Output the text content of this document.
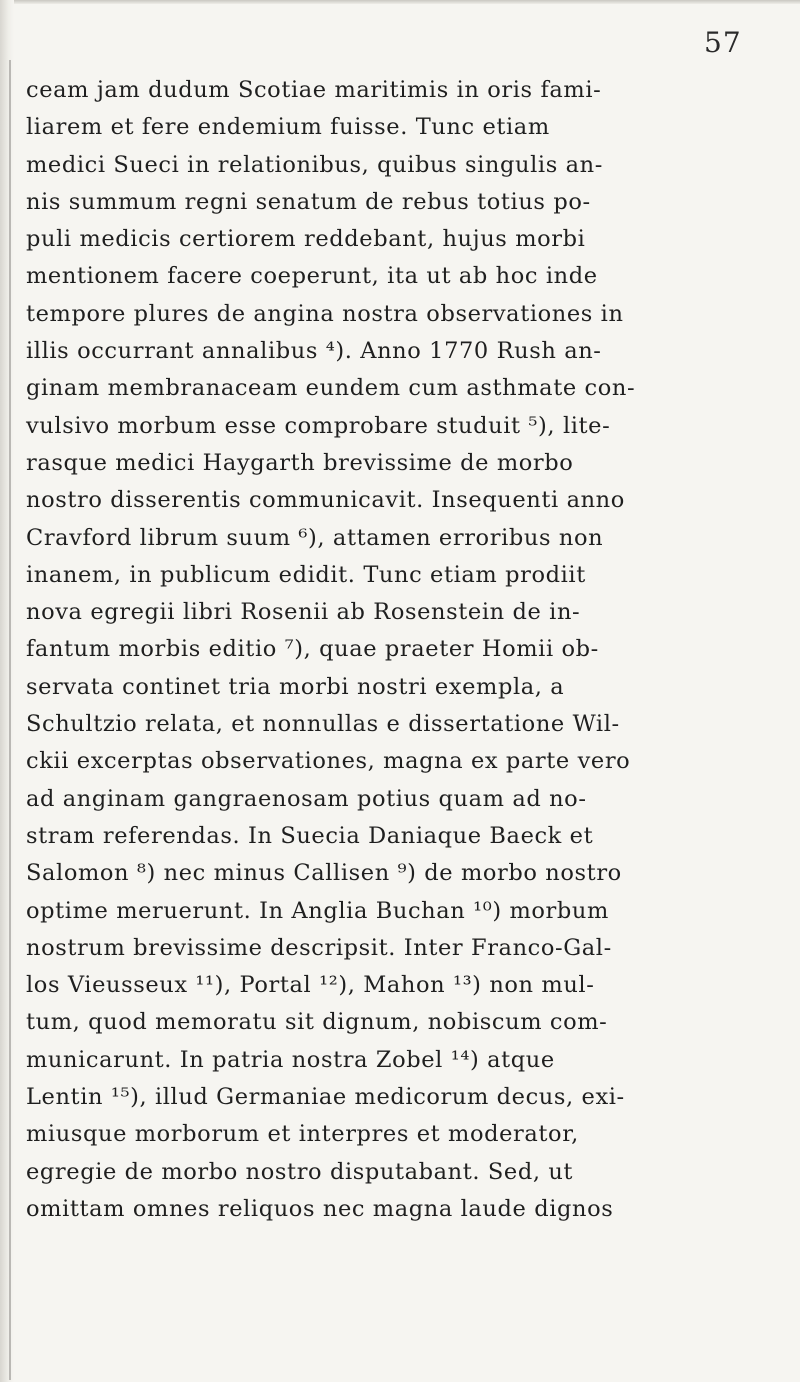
57
ceam jam dudum Scotiae maritimis in oris fami-
liarem et fere endemium fuisse. Tunc etiam
medici Sueci in relationibus, quibus singulis an-
nis summum regni senatum de rebus totius po-
puli medicis certiorem reddebant, hujus morbi
mentionem facere coeperunt, ita ut ab hoc inde
tempore plures de angina nostra observationes in
illis occurrant annalibus ⁴). Anno 1770 Rush an-
ginam membranaceam eundem cum asthmate con-
vulsivo morbum esse comprobare studuit ⁵), lite-
rasque medici Haygarth brevissime de morbo
nostro disserentis communicavit. Insequenti anno
Cravford librum suum ⁶), attamen erroribus non
inanem, in publicum edidit. Tunc etiam prodiit
nova egregii libri Rosenii ab Rosenstein de in-
fantum morbis editio ⁷), quae praeter Homii ob-
servata continet tria morbi nostri exempla, a
Schultzio relata, et nonnullas e dissertatione Wil-
ckii excerptas observationes, magna ex parte vero
ad anginam gangraenosam potius quam ad no-
stram referendas. In Suecia Daniaque Baeck et
Salomon ⁸) nec minus Callisen ⁹) de morbo nostro
optime meruerunt. In Anglia Buchan ¹⁰) morbum
nostrum brevissime descripsit. Inter Franco-Gal-
los Vieusseux ¹¹), Portal ¹²), Mahon ¹³) non mul-
tum, quod memoratu sit dignum, nobiscum com-
municarunt. In patria nostra Zobel ¹⁴) atque
Lentin ¹⁵), illud Germaniae medicorum decus, exi-
miusque morborum et interpres et moderator,
egregie de morbo nostro disputabant. Sed, ut
omittam omnes reliquos nec magna laude dignos
